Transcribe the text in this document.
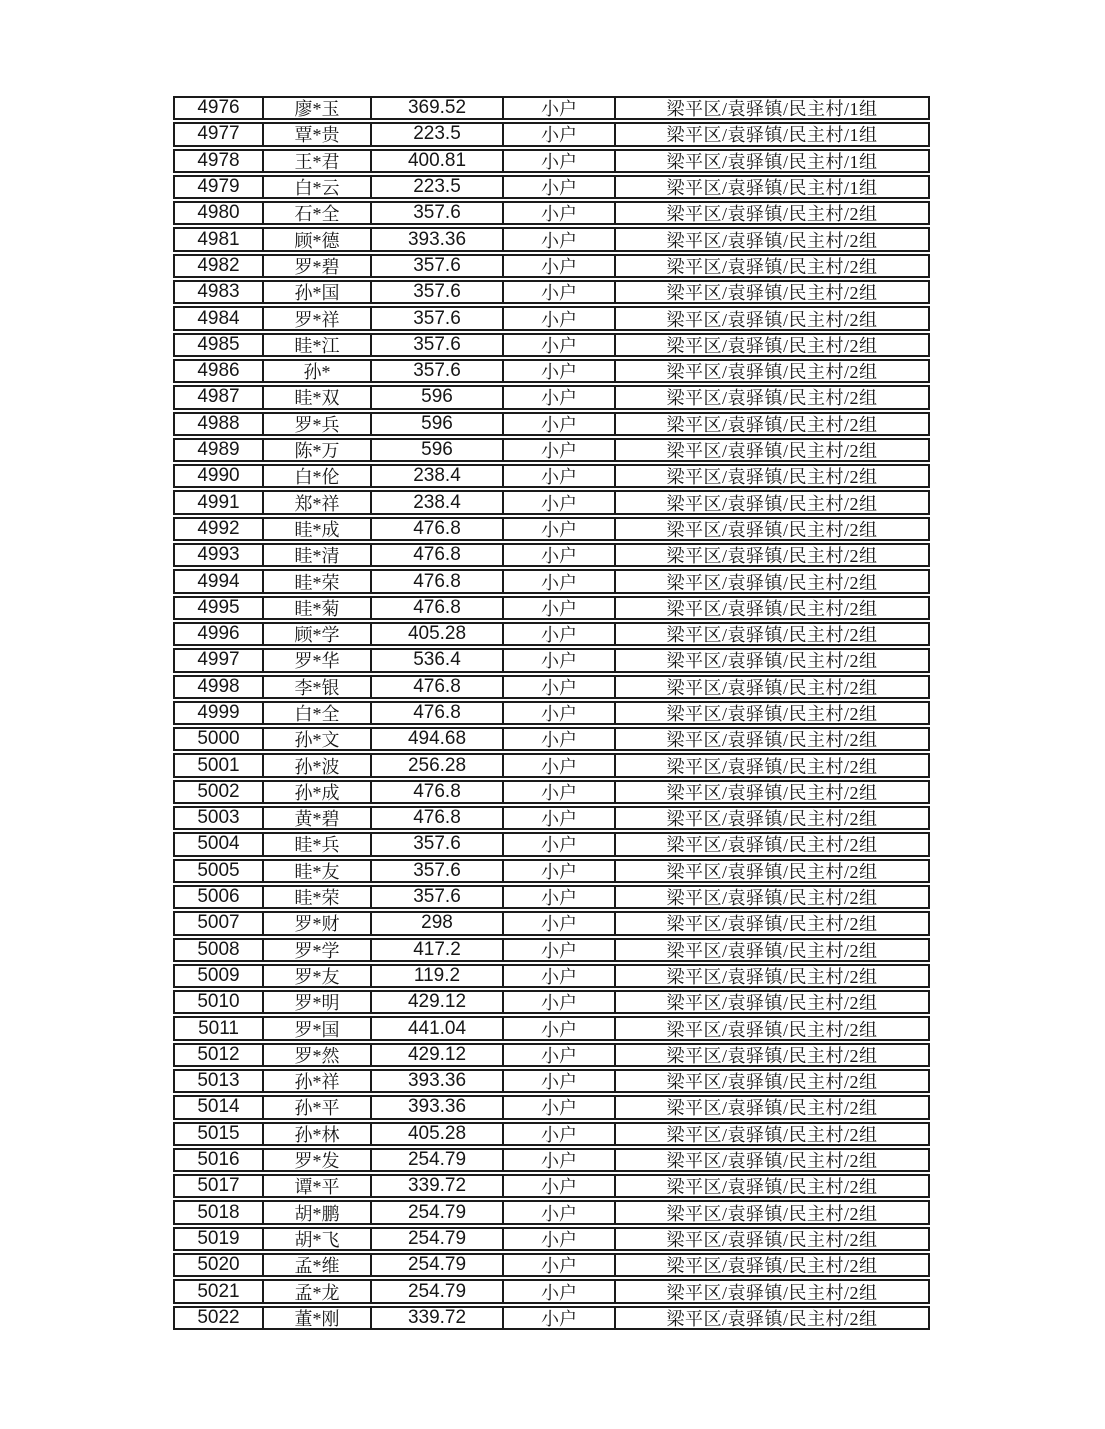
4976	廖*玉	369.52	小户	梁平区/袁驿镇/民主村/1组
4977	覃*贵	223.5	小户	梁平区/袁驿镇/民主村/1组
4978	王*君	400.81	小户	梁平区/袁驿镇/民主村/1组
4979	白*云	223.5	小户	梁平区/袁驿镇/民主村/1组
4980	石*全	357.6	小户	梁平区/袁驿镇/民主村/2组
4981	顾*德	393.36	小户	梁平区/袁驿镇/民主村/2组
4982	罗*碧	357.6	小户	梁平区/袁驿镇/民主村/2组
4983	孙*国	357.6	小户	梁平区/袁驿镇/民主村/2组
4984	罗*祥	357.6	小户	梁平区/袁驿镇/民主村/2组
4985	眭*江	357.6	小户	梁平区/袁驿镇/民主村/2组
4986	孙*	357.6	小户	梁平区/袁驿镇/民主村/2组
4987	眭*双	596	小户	梁平区/袁驿镇/民主村/2组
4988	罗*兵	596	小户	梁平区/袁驿镇/民主村/2组
4989	陈*万	596	小户	梁平区/袁驿镇/民主村/2组
4990	白*伦	238.4	小户	梁平区/袁驿镇/民主村/2组
4991	郑*祥	238.4	小户	梁平区/袁驿镇/民主村/2组
4992	眭*成	476.8	小户	梁平区/袁驿镇/民主村/2组
4993	眭*清	476.8	小户	梁平区/袁驿镇/民主村/2组
4994	眭*荣	476.8	小户	梁平区/袁驿镇/民主村/2组
4995	眭*菊	476.8	小户	梁平区/袁驿镇/民主村/2组
4996	顾*学	405.28	小户	梁平区/袁驿镇/民主村/2组
4997	罗*华	536.4	小户	梁平区/袁驿镇/民主村/2组
4998	李*银	476.8	小户	梁平区/袁驿镇/民主村/2组
4999	白*全	476.8	小户	梁平区/袁驿镇/民主村/2组
5000	孙*文	494.68	小户	梁平区/袁驿镇/民主村/2组
5001	孙*波	256.28	小户	梁平区/袁驿镇/民主村/2组
5002	孙*成	476.8	小户	梁平区/袁驿镇/民主村/2组
5003	黄*碧	476.8	小户	梁平区/袁驿镇/民主村/2组
5004	眭*兵	357.6	小户	梁平区/袁驿镇/民主村/2组
5005	眭*友	357.6	小户	梁平区/袁驿镇/民主村/2组
5006	眭*荣	357.6	小户	梁平区/袁驿镇/民主村/2组
5007	罗*财	298	小户	梁平区/袁驿镇/民主村/2组
5008	罗*学	417.2	小户	梁平区/袁驿镇/民主村/2组
5009	罗*友	119.2	小户	梁平区/袁驿镇/民主村/2组
5010	罗*明	429.12	小户	梁平区/袁驿镇/民主村/2组
5011	罗*国	441.04	小户	梁平区/袁驿镇/民主村/2组
5012	罗*然	429.12	小户	梁平区/袁驿镇/民主村/2组
5013	孙*祥	393.36	小户	梁平区/袁驿镇/民主村/2组
5014	孙*平	393.36	小户	梁平区/袁驿镇/民主村/2组
5015	孙*林	405.28	小户	梁平区/袁驿镇/民主村/2组
5016	罗*发	254.79	小户	梁平区/袁驿镇/民主村/2组
5017	谭*平	339.72	小户	梁平区/袁驿镇/民主村/2组
5018	胡*鹏	254.79	小户	梁平区/袁驿镇/民主村/2组
5019	胡*飞	254.79	小户	梁平区/袁驿镇/民主村/2组
5020	孟*维	254.79	小户	梁平区/袁驿镇/民主村/2组
5021	孟*龙	254.79	小户	梁平区/袁驿镇/民主村/2组
5022	董*刚	339.72	小户	梁平区/袁驿镇/民主村/2组
